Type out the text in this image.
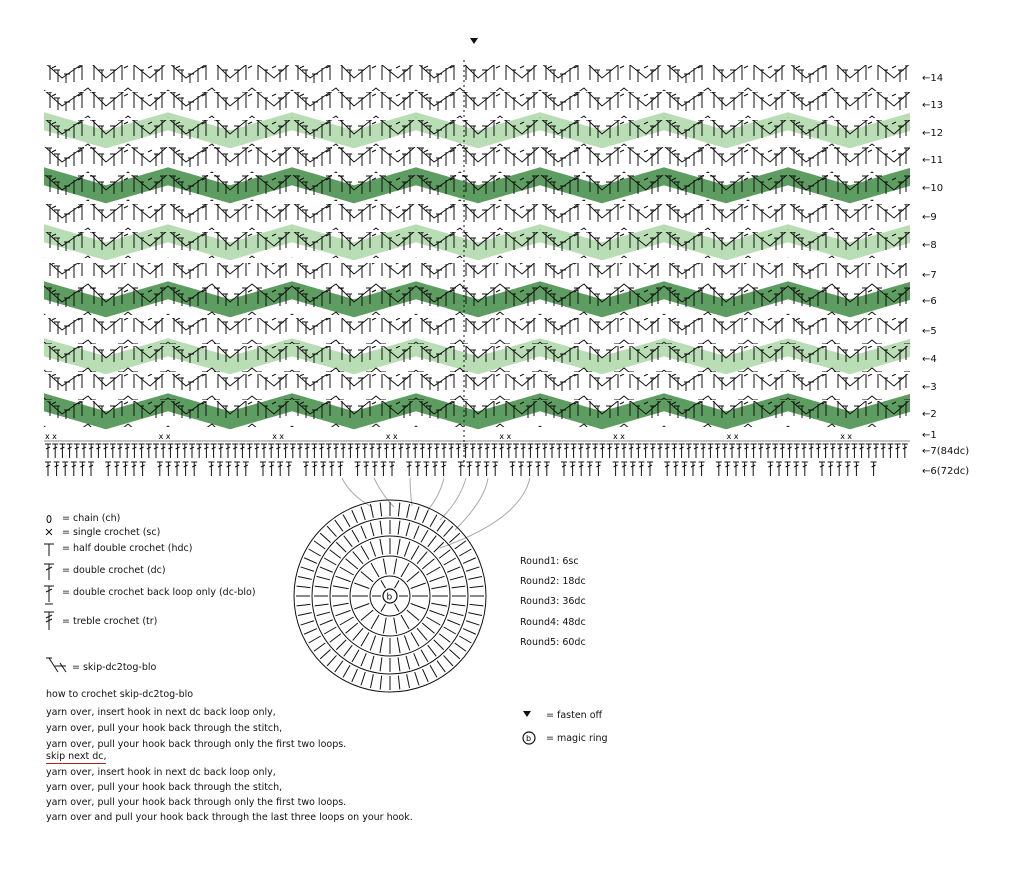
x x	x x	x x	x x	x x	x x	x x	x x
b
b
←14
←13
←12
←11
←10
←9
←8
←7
←6
←5
←4
←3
←2
←1
←7(84dc)
←6(72dc)
= chain (ch)
= single crochet (sc)
= half double crochet (hdc)
= double crochet (dc)
= double crochet back loop only (dc-blo)
= treble crochet (tr)
= skip-dc2tog-blo
how to crochet skip-dc2tog-blo
yarn over, insert hook in next dc back loop only,
yarn over, pull your hook back through the stitch,
yarn over, pull your hook back through only the first two loops.
skip next dc,
yarn over, insert hook in next dc back loop only,
yarn over, pull your hook back through the stitch,
yarn over, pull your hook back through only the first two loops.
yarn over and pull your hook back through the last three loops on your hook.
Round1: 6sc
Round2: 18dc
Round3: 36dc
Round4: 48dc
Round5: 60dc
= fasten off
= magic ring
